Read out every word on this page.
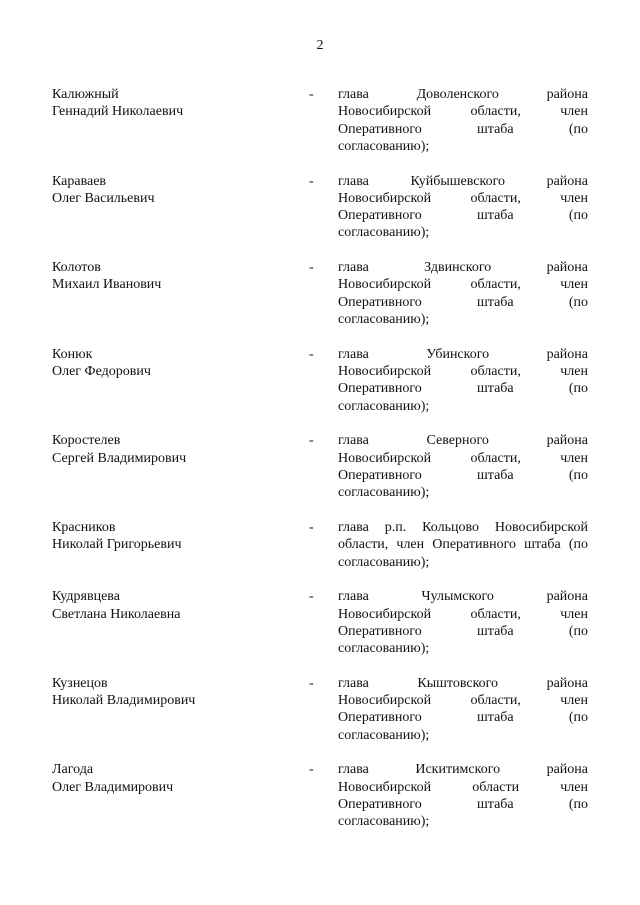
2
Калюжный
Геннадий Николаевич
- глава	Доволенского	района
Новосибирской	области,	член
Оперативного	штаба	(по
согласованию);
Караваев
Олег Васильевич
- глава	Куйбышевского	района
Новосибирской	области,	член
Оперативного	штаба	(по
согласованию);
Колотов
Михаил Иванович
- глава	Здвинского	района
Новосибирской	области,	член
Оперативного	штаба	(по
согласованию);
Конюк
Олег Федорович
- глава	Убинского	района
Новосибирской	области,	член
Оперативного	штаба	(по
согласованию);
Коростелев
Сергей Владимирович
- глава	Северного	района
Новосибирской	области,	член
Оперативного	штаба	(по
согласованию);
Красников
Николай Григорьевич
- глава р.п. Кольцово Новосибирской
области, член Оперативного штаба (по
согласованию);
Кудрявцева
Светлана Николаевна
- глава	Чулымского	района
Новосибирской	области,	член
Оперативного	штаба	(по
согласованию);
Кузнецов
Николай Владимирович
- глава	Кыштовского	района
Новосибирской	области,	член
Оперативного	штаба	(по
согласованию);
Лагода
Олег Владимирович
- глава	Искитимского	района
Новосибирской	области	член
Оперативного	штаба	(по
согласованию);
